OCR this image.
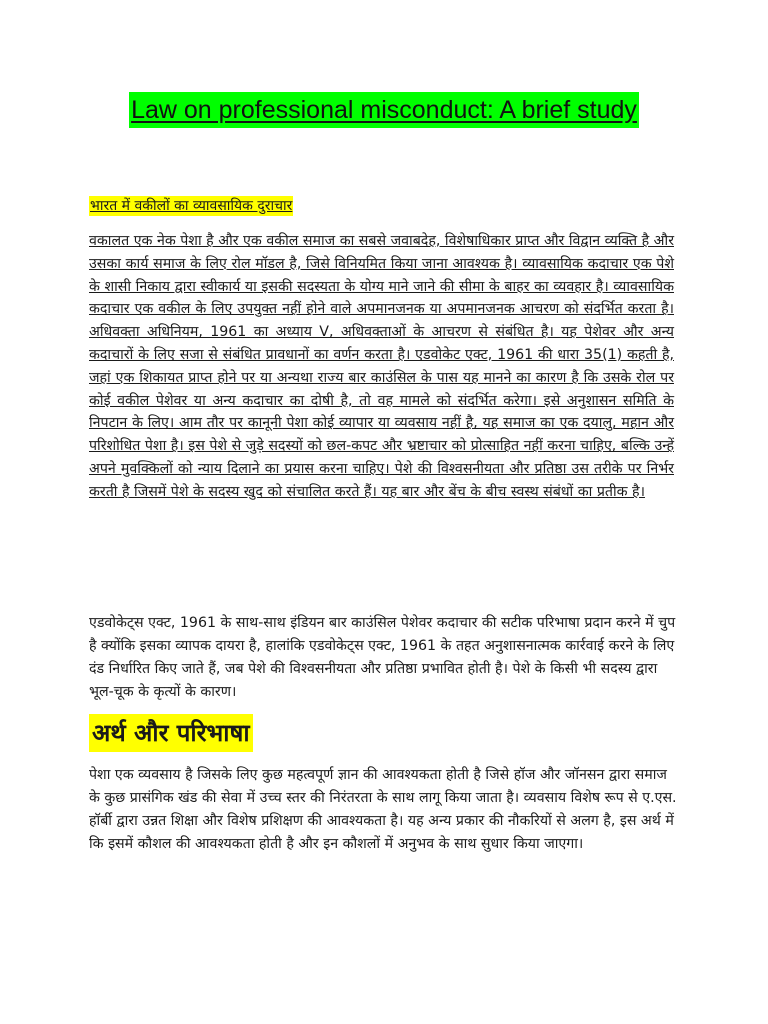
Law on professional misconduct: A brief study
भारत में वकीलों का व्यावसायिक दुराचार

वकालत एक नेक पेशा है और एक वकील समाज का सबसे जवाबदेह, विशेषाधिकार प्राप्त और विद्वान व्यक्ति है और उसका कार्य समाज के लिए रोल मॉडल है, जिसे विनियमित किया जाना आवश्यक है। व्यावसायिक कदाचार एक पेशे के शासी निकाय द्वारा स्वीकार्य या इसकी सदस्यता के योग्य माने जाने की सीमा के बाहर का व्यवहार है। व्यावसायिक कदाचार एक वकील के लिए उपयुक्त नहीं होने वाले अपमानजनक या अपमानजनक आचरण को संदर्भित करता है। अधिवक्ता अधिनियम, 1961 का अध्याय V, अधिवक्ताओं के आचरण से संबंधित है। यह पेशेवर और अन्य कदाचारों के लिए सजा से संबंधित प्रावधानों का वर्णन करता है। एडवोकेट एक्ट, 1961 की धारा 35(1) कहती है, जहां एक शिकायत प्राप्त होने पर या अन्यथा राज्य बार काउंसिल के पास यह मानने का कारण है कि उसके रोल पर कोई वकील पेशेवर या अन्य कदाचार का दोषी है, तो वह मामले को संदर्भित करेगा। इसे अनुशासन समिति के निपटान के लिए। आम तौर पर कानूनी पेशा कोई व्यापार या व्यवसाय नहीं है, यह समाज का एक दयालु, महान और परिशोधित पेशा है। इस पेशे से जुड़े सदस्यों को छल-कपट और भ्रष्टाचार को प्रोत्साहित नहीं करना चाहिए, बल्कि उन्हें अपने मुवक्किलों को न्याय दिलाने का प्रयास करना चाहिए। पेशे की विश्वसनीयता और प्रतिष्ठा उस तरीके पर निर्भर करती है जिसमें पेशे के सदस्य खुद को संचालित करते हैं। यह बार और बेंच के बीच स्वस्थ संबंधों का प्रतीक है।

एडवोकेट्स एक्ट, 1961 के साथ-साथ इंडियन बार काउंसिल पेशेवर कदाचार की सटीक परिभाषा प्रदान करने में चुप है क्योंकि इसका व्यापक दायरा है, हालांकि एडवोकेट्स एक्ट, 1961 के तहत अनुशासनात्मक कार्रवाई करने के लिए दंड निर्धारित किए जाते हैं, जब पेशे की विश्वसनीयता और प्रतिष्ठा प्रभावित होती है। पेशे के किसी भी सदस्य द्वारा भूल-चूक के कृत्यों के कारण।

अर्थ और परिभाषा

पेशा एक व्यवसाय है जिसके लिए कुछ महत्वपूर्ण ज्ञान की आवश्यकता होती है जिसे हॉज और जॉनसन द्वारा समाज के कुछ प्रासंगिक खंड की सेवा में उच्च स्तर की निरंतरता के साथ लागू किया जाता है। व्यवसाय विशेष रूप से ए.एस. हॉर्बी द्वारा उन्नत शिक्षा और विशेष प्रशिक्षण की आवश्यकता है। यह अन्य प्रकार की नौकरियों से अलग है, इस अर्थ में कि इसमें कौशल की आवश्यकता होती है और इन कौशलों में अनुभव के साथ सुधार किया जाएगा।
